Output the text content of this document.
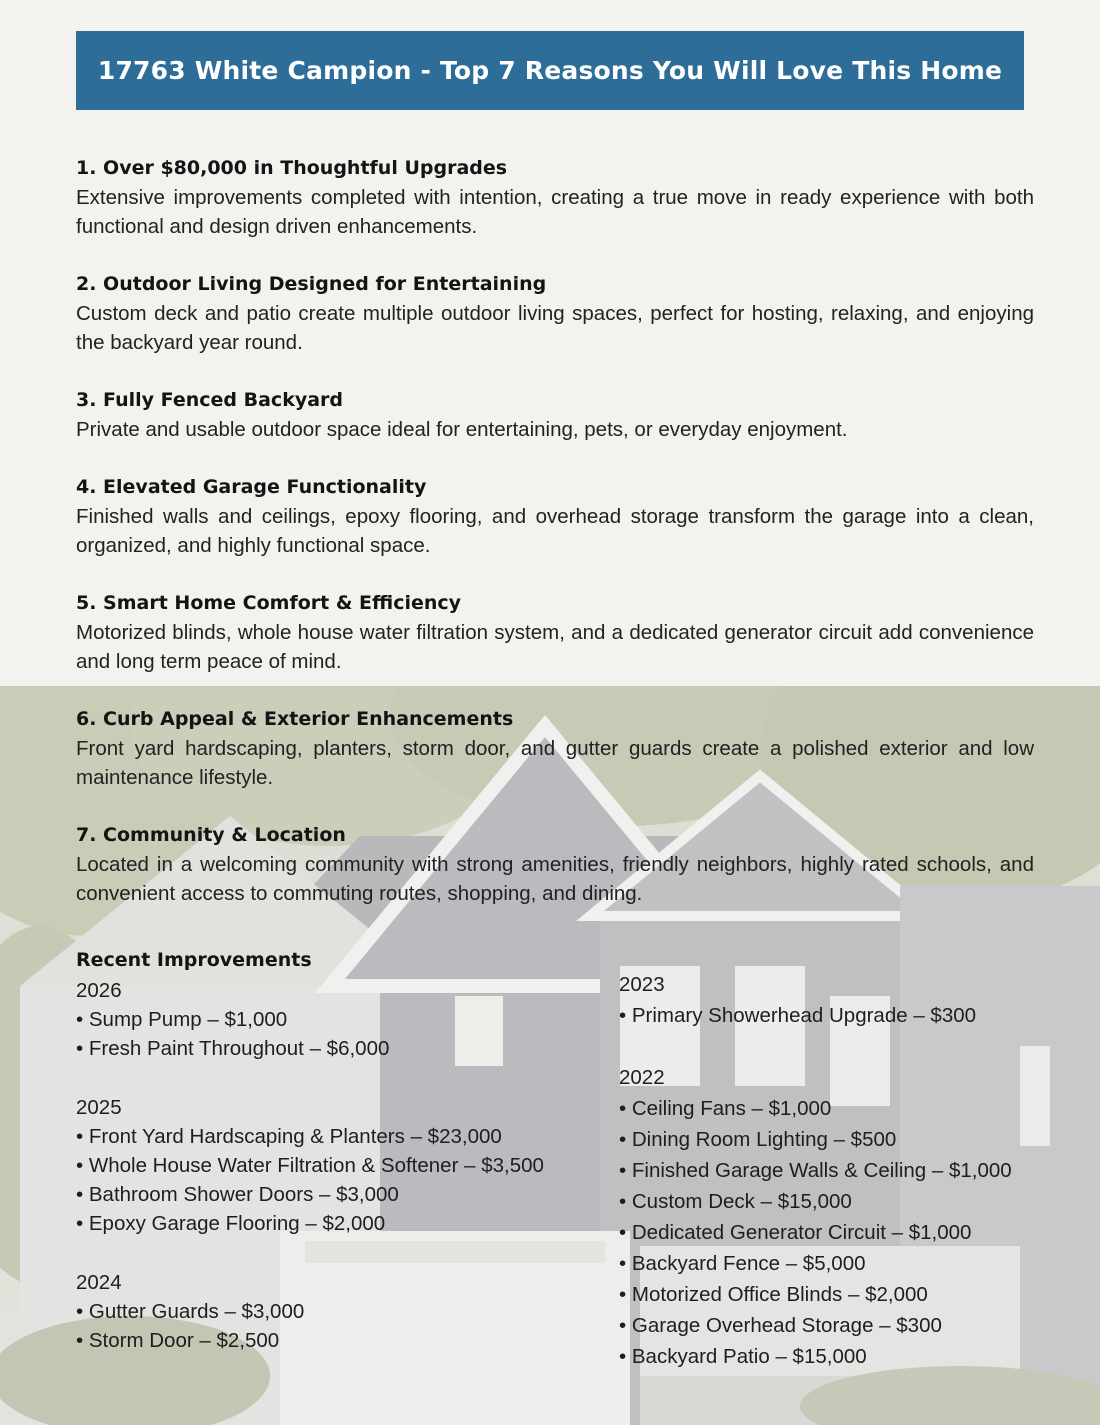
17763 White Campion - Top 7 Reasons You Will Love This Home
1. Over $80,000 in Thoughtful Upgrades

Extensive improvements completed with intention, creating a true move in ready experience with both functional and design driven enhancements.

2. Outdoor Living Designed for Entertaining

Custom deck and patio create multiple outdoor living spaces, perfect for hosting, relaxing, and enjoying the backyard year round.

3. Fully Fenced Backyard

Private and usable outdoor space ideal for entertaining, pets, or everyday enjoyment.

4. Elevated Garage Functionality

Finished walls and ceilings, epoxy flooring, and overhead storage transform the garage into a clean, organized, and highly functional space.

5. Smart Home Comfort & Efficiency

Motorized blinds, whole house water filtration system, and a dedicated generator circuit add convenience and long term peace of mind.

6. Curb Appeal & Exterior Enhancements

Front yard hardscaping, planters, storm door, and gutter guards create a polished exterior and low maintenance lifestyle.

7. Community & Location

Located in a welcoming community with strong amenities, friendly neighbors, highly rated schools, and convenient access to commuting routes, shopping, and dining.

Recent Improvements
2026
• Sump Pump – $1,000
• Fresh Paint Throughout – $6,000
2025
• Front Yard Hardscaping & Planters – $23,000
• Whole House Water Filtration & Softener – $3,500
• Bathroom Shower Doors – $3,000
• Epoxy Garage Flooring – $2,000
2024
• Gutter Guards – $3,000
• Storm Door – $2,500
2023
• Primary Showerhead Upgrade – $300
2022
• Ceiling Fans – $1,000
• Dining Room Lighting – $500
• Finished Garage Walls & Ceiling – $1,000
• Custom Deck – $15,000
• Dedicated Generator Circuit – $1,000
• Backyard Fence – $5,000
• Motorized Office Blinds – $2,000
• Garage Overhead Storage – $300
• Backyard Patio – $15,000
